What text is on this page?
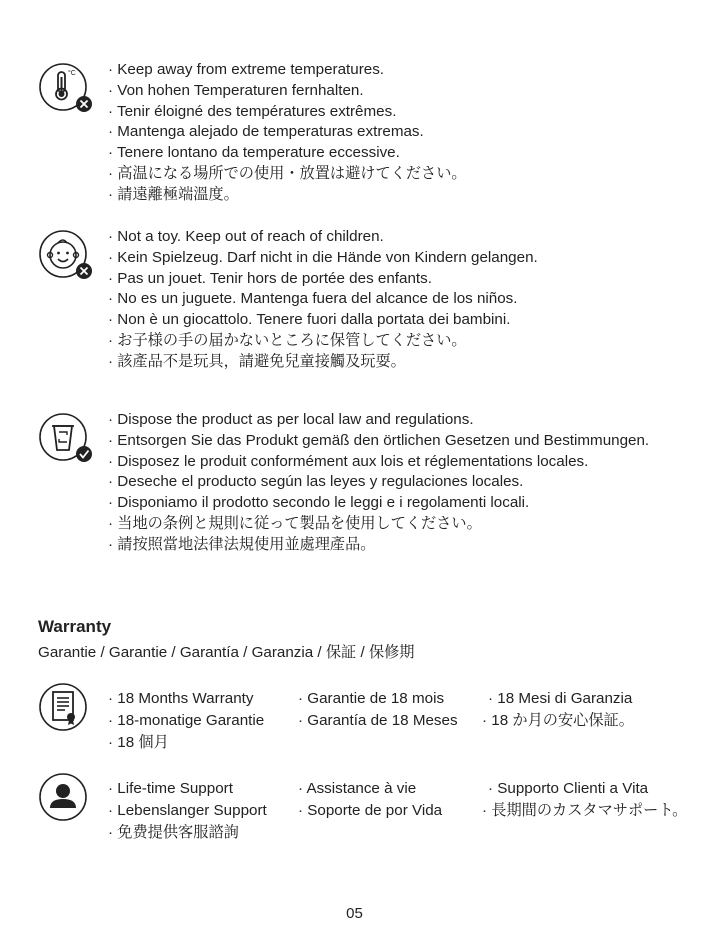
°C · Keep away from extreme temperatures.
· Von hohen Temperaturen fernhalten.
· Tenir éloigné des températures extrêmes.
· Mantenga alejado de temperaturas extremas.
· Tenere lontano da temperature eccessive.
· 高温になる場所での使用・放置は避けてください。
· 請遠離極端溫度。
· Not a toy. Keep out of reach of children.
· Kein Spielzeug. Darf nicht in die Hände von Kindern gelangen.
· Pas un jouet. Tenir hors de portée des enfants.
· No es un juguete. Mantenga fuera del alcance de los niños.
· Non è un giocattolo. Tenere fuori dalla portata dei bambini.
· お子様の手の届かないところに保管してください。
· 該產品不是玩具，請避免兒童接觸及玩耍。
· Dispose the product as per local law and regulations.
· Entsorgen Sie das Produkt gemäß den örtlichen Gesetzen und Bestimmungen.
· Disposez le produit conformément aux lois et réglementations locales.
· Deseche el producto según las leyes y regulaciones locales.
· Disponiamo il prodotto secondo le leggi e i regolamenti locali.
· 当地の条例と規則に従って製品を使用してください。
· 請按照當地法律法規使用並處理產品。
Warranty
Garantie / Garantie / Garantía / Garanzia / 保証 / 保修期
· 18 Months Warranty	· Garantie de 18 mois	· 18 Mesi di Garanzia
· 18-monatige Garantie · Garantía de 18 Meses · 18 か月の安心保証。
· 18 個月
· Life-time Support	· Assistance à vie	· Supporto Clienti a Vita
· Lebenslanger Support · Soporte de por Vida	· 長期間のカスタマサポート。
· 免费提供客服諮詢
05
